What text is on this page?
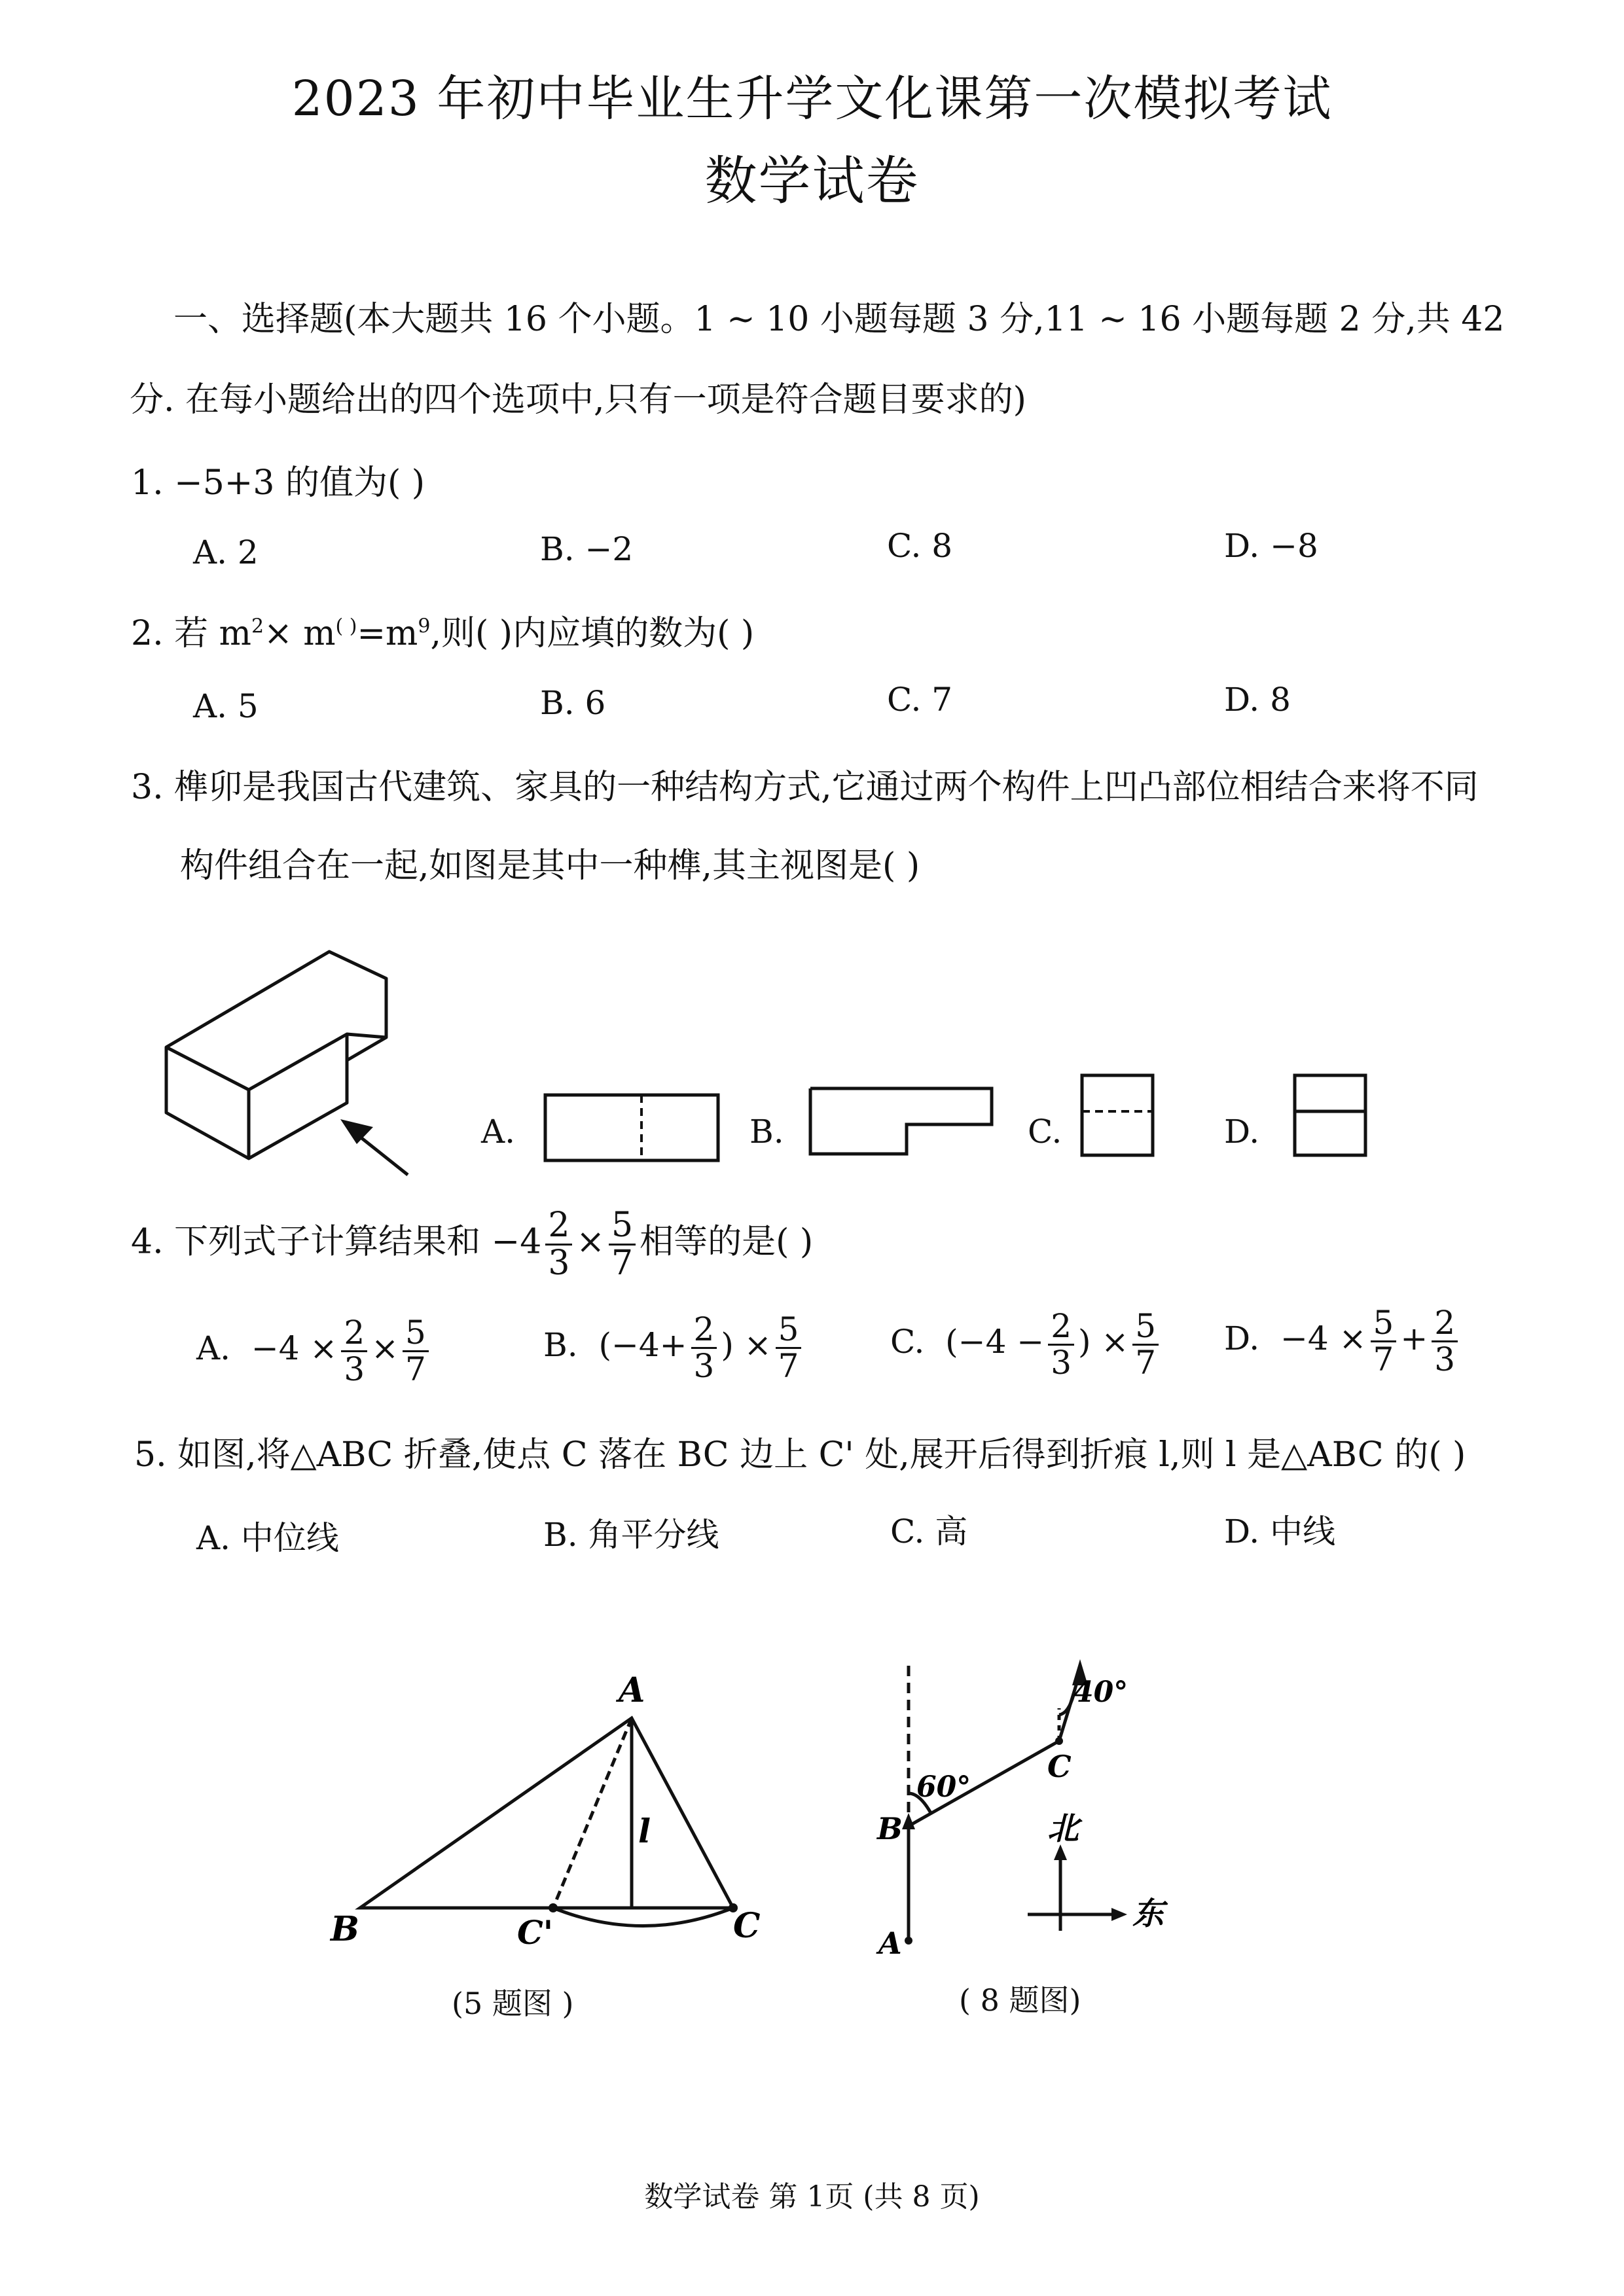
2023 年初中毕业生升学文化课第一次模拟考试
数学试卷
一、选择题(本大题共 16 个小题。1 ~ 10 小题每题 3 分,11 ~ 16 小题每题 2 分,共 42
分. 在每小题给出的四个选项中,只有一项是符合题目要求的)
1. −5+3 的值为( )
A. 2	B. −2	C. 8	D. −8
2. 若 $m^2\times m^{( )}=m^9$,则( )内应填的数为( )
A. 5	B. 6	C. 7	D. 8
3. 榫卯是我国古代建筑、家具的一种结构方式,它通过两个构件上凹凸部位相结合来将不同
构件组合在一起,如图是其中一种榫,其主视图是( )
A.	B.	C.	D.
4. 下列式子计算结果和 $-4 \frac{2}{3} \times \frac{5}{7}$ 相等的是( )
A. $-4 \times \frac{2}{3} \times \frac{5}{7}$	B. ($-4+ \frac{2}{3}$ ) × $\frac{5}{7}$	C. ($-4 - \frac{2}{3}$ ) × $\frac{5}{7} D$. $-4 \times \frac{5}{7} + \frac{2}{3}$
5. 如图,将△ABC 折叠,使点 C 落在 BC 边上 C' 处,展开后得到折痕 l,则 l 是△ABC 的( )
A. 中位线	B. 角平分线	C. 高	D. 中线
A
B	C'	C
l
(5 题图 )
A
B
C
60°
40°
北
东
( 8 题图)
数学试卷 第 1页 (共 8 页)
